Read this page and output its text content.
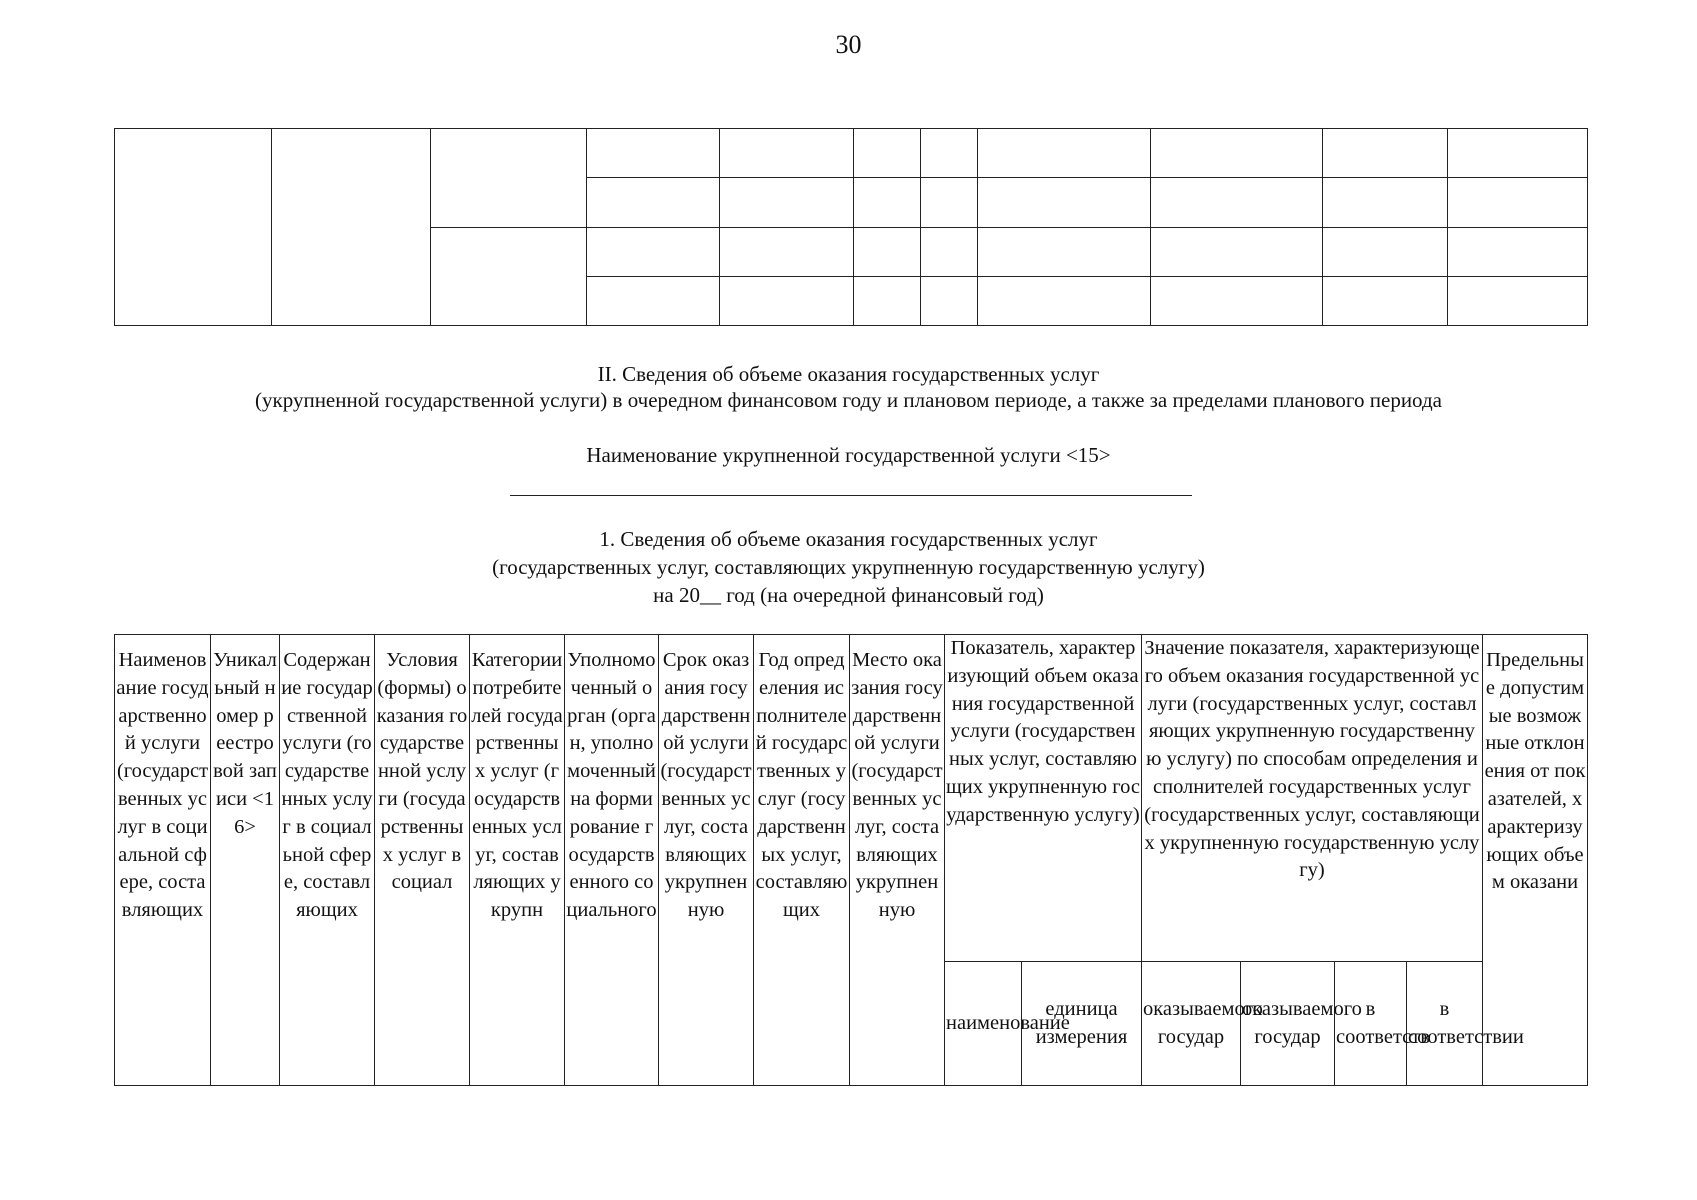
30

II. Сведения об объеме оказания государственных услуг
(укрупненной государственной услуги) в очередном финансовом году и плановом периоде, а также за пределами планового периода
Наименование укрупненной государственной услуги <15>
1. Сведения об объеме оказания государственных услуг
(государственных услуг, составляющих укрупненную государственную услугу)
на 20__ год (на очередной финансовый год)
Наименование государственной услуги (государственных услуг в социальной сфере, составляющих	Уникальный номер реестровой записи <16>	Содержание государственной услуги (государственных услуг в социальной сфере, составляющих	Условия (формы) оказания государственной услуги (государственных услуг в социал	Категории потребителей государственных услуг (государственных услуг, составляющих укрупн	Уполномоченный орган (орган, уполномоченный на формирование государственного социального	Срок оказания государственной услуги (государственных услуг, составляющих укрупненную	Год определения исполнителей государственных услуг (государственных услуг, составляющих	Место оказания государственной услуги (государственных услуг, составляющих укрупненную	Показатель, характеризующий объем оказания государственной услуги (государственных услуг, составляющих укрупненную государственную услугу)		Значение показателя, характеризующего объем оказания государственной услуги (государственных услуг, составляющих укрупненную государственную услугу) по способам определения исполнителей государственных услуг (государственных услуг, составляющих укрупненную государственную услугу)				Предельные допустимые возможные отклонения от показателей, характеризующих объем оказани
									наименование	единица измерения	оказываемого государ	оказываемого государ	в соответств	в соответствии	
